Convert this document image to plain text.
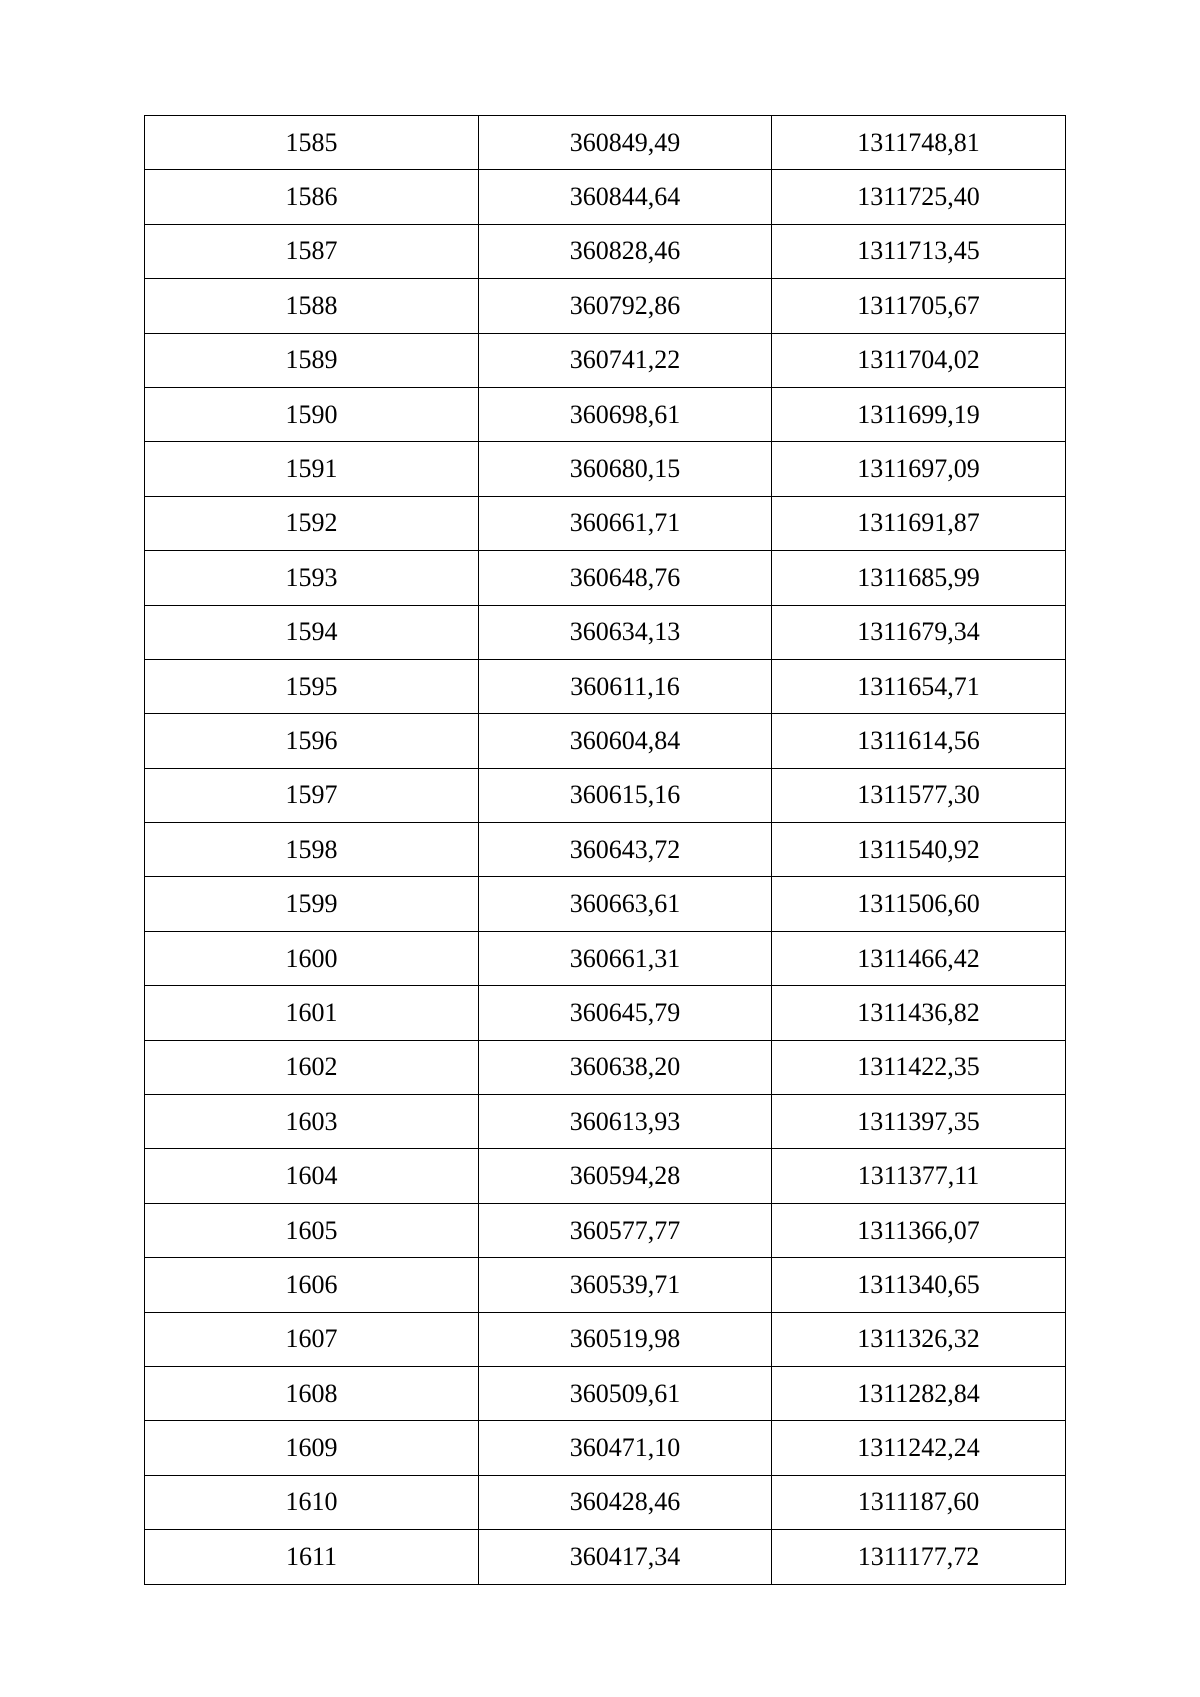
1585	360849,49	1311748,81
1586	360844,64	1311725,40
1587	360828,46	1311713,45
1588	360792,86	1311705,67
1589	360741,22	1311704,02
1590	360698,61	1311699,19
1591	360680,15	1311697,09
1592	360661,71	1311691,87
1593	360648,76	1311685,99
1594	360634,13	1311679,34
1595	360611,16	1311654,71
1596	360604,84	1311614,56
1597	360615,16	1311577,30
1598	360643,72	1311540,92
1599	360663,61	1311506,60
1600	360661,31	1311466,42
1601	360645,79	1311436,82
1602	360638,20	1311422,35
1603	360613,93	1311397,35
1604	360594,28	1311377,11
1605	360577,77	1311366,07
1606	360539,71	1311340,65
1607	360519,98	1311326,32
1608	360509,61	1311282,84
1609	360471,10	1311242,24
1610	360428,46	1311187,60
1611	360417,34	1311177,72
